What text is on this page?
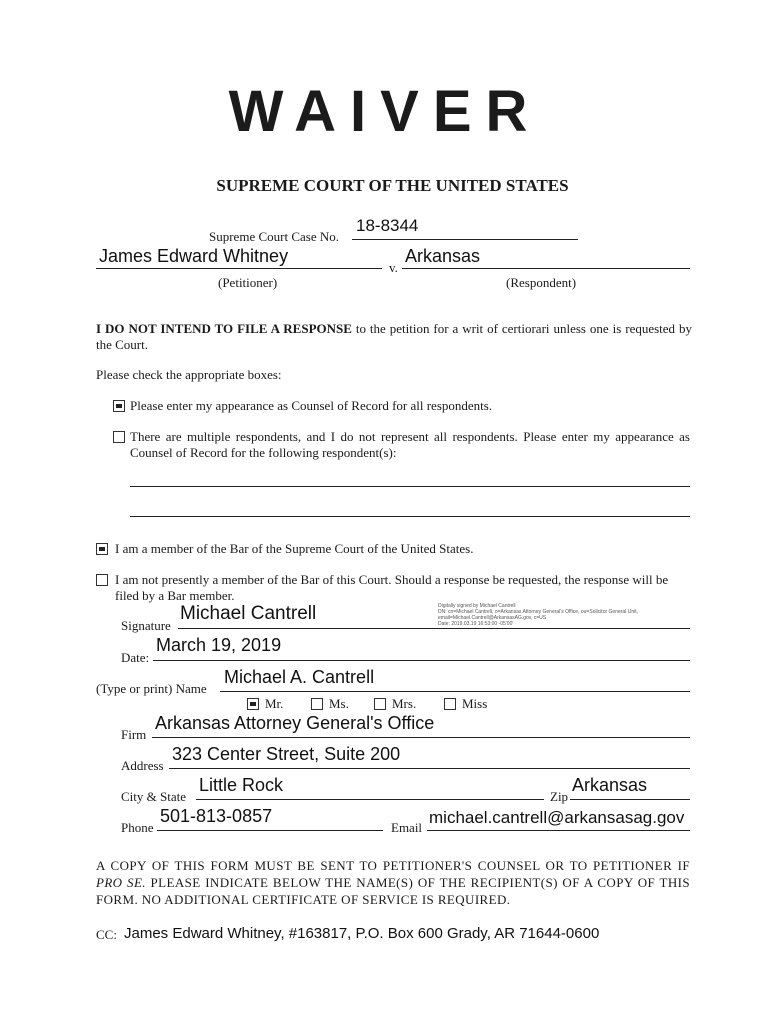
WAIVER
SUPREME COURT OF THE UNITED STATES
Supreme Court Case No.
18-8344
James Edward Whitney
v.
Arkansas
(Petitioner)	(Respondent)
I DO NOT INTEND TO FILE A RESPONSE to the petition for a writ of certiorari unless one is requested by the Court.
Please check the appropriate boxes:
Please enter my appearance as Counsel of Record for all respondents.
There are multiple respondents, and I do not represent all respondents. Please enter my appearance as Counsel of Record for the following respondent(s):
I am a member of the Bar of the Supreme Court of the United States.
I am not presently a member of the Bar of this Court. Should a response be requested, the response will be filed by a Bar member.
Signature
Michael Cantrell	Digitally signed by Michael Cantrell
DN: cn=Michael Cantrell, o=Arkansas Attorney General's Office, ou=Solicitor General Unit,
email=Michael.Cantrell@ArkansasAG.gov, c=US
Date: 2019.03.19 16:53:00 -05'00'
Date:
March 19, 2019
(Type or print) Name
Michael A. Cantrell
Mr.	Ms.	Mrs.	Miss
Firm
Arkansas Attorney General's Office
Address
323 Center Street, Suite 200
City & State
Little Rock
Zip
Arkansas
Phone
501-813-0857
Email
michael.cantrell@arkansasag.gov
A COPY OF THIS FORM MUST BE SENT TO PETITIONER'S COUNSEL OR TO PETITIONER IF PRO SE. PLEASE INDICATE BELOW THE NAME(S) OF THE RECIPIENT(S) OF A COPY OF THIS FORM. NO ADDITIONAL CERTIFICATE OF SERVICE IS REQUIRED.
CC: James Edward Whitney, #163817, P.O. Box 600 Grady, AR 71644-0600
